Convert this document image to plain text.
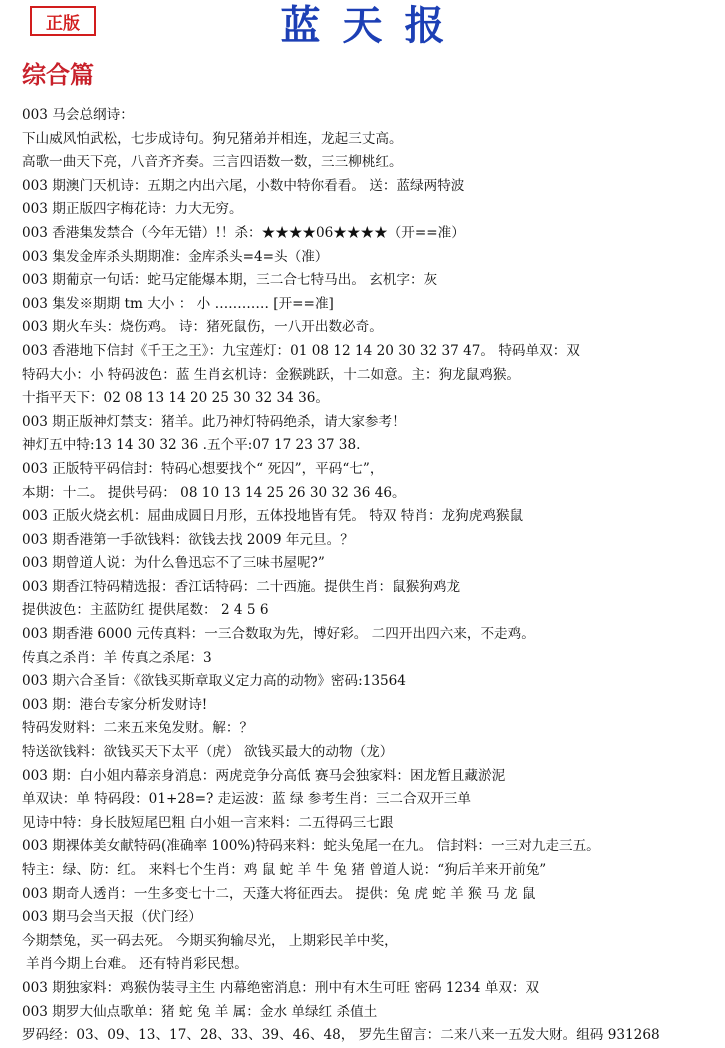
正版	蓝天报
综合篇
003 马会总纲诗：
下山威风怕武松，七步成诗句。狗兄猪弟并相连，龙起三丈高。
高歌一曲天下亮，八音齐齐奏。三言四语数一数，三三柳桃红。
003 期澳门天机诗：五期之内出六尾，小数中特你看看。 送：蓝绿两特波
003 期正版四字梅花诗：力大无穷。
003 香港集发禁合（今年无错）!！杀：★★★★06★★★★（开==准）
003 集发金库杀头期期准：金库杀头=4=头（准）
003 期葡京一句话：蛇马定能爆本期，三二合七特马出。 玄机字：灰
003 集发※期期 tm 大小 ： 小 ………… [开==准]
003 期火车头：烧伤鸡。 诗：猪死鼠伤，一八开出数必奇。
003 香港地下信封《千王之王》：九宝莲灯：01 08 12 14 20 30 32 37 47。 特码单双：双
特码大小：小 特码波色：蓝 生肖玄机诗：金猴跳跃，十二如意。主：狗龙鼠鸡猴。
十指平天下：02 08 13 14 20 25 30 32 34 36。
003 期正版神灯禁支：猪羊。此乃神灯特码绝杀，请大家参考！
神灯五中特:13 14 30 32 36 .五个平:07 17 23 37 38.
003 正版特平码信封：特码心想要找个“ 死囚”，平码“七”，
本期：十二。 提供号码： 08 10 13 14 25 26 30 32 36 46。
003 正版火烧玄机：屈曲成圆日月形，五体投地皆有凭。 特双 特肖：龙狗虎鸡猴鼠
003 期香港第一手欲钱料：欲钱去找 2009 年元旦。？
003 期曾道人说：为什么鲁迅忘不了三味书屋呢?”
003 期香江特码精选报：香江话特码：二十西施。提供生肖：鼠猴狗鸡龙
提供波色：主蓝防红 提供尾数： 2 4 5 6
003 期香港 6000 元传真料：一三合数取为先，博好彩。 二四开出四六来，不走鸡。
传真之杀肖：羊 传真之杀尾：3
003 期六合圣旨：《欲钱买斯章取义定力高的动物》密码:13564
003 期：港台专家分析发财诗!
特码发财料：二来五来兔发财。解：？
特送欲钱料：欲钱买天下太平（虎） 欲钱买最大的动物（龙）
003 期：白小姐内幕亲身消息：两虎竞争分高低 赛马会独家料：困龙暂且藏淤泥
单双诀：单 特码段：01+28=? 走运波：蓝 绿 参考生肖：三二合双开三单
见诗中特：身长肢短尾巴粗 白小姐一言来料：二五得码三七跟
003 期裸体美女献特码(准确率 100%)特码来料：蛇头兔尾一在九。 信封料：一三对九走三五。
特主：绿、防：红。 来料七个生肖：鸡 鼠 蛇 羊 牛 兔 猪 曾道人说：“狗后羊来开前兔”
003 期奇人透肖：一生多变七十二，天蓬大将征西去。 提供：兔 虎 蛇 羊 猴 马 龙 鼠
003 期马会当天报（伏门经）
今期禁兔，买一码去死。 今期买狗输尽光， 上期彩民羊中奖，
羊肖今期上台难。 还有特肖彩民想。
003 期独家料：鸡猴伪装寻主生 内幕绝密消息：刑中有木生可旺 密码 1234 单双：双
003 期罗大仙点歌单：猪 蛇 兔 羊 属：金水 单绿红 杀值土
罗码经：03、09、13、17、28、33、39、46、48， 罗先生留言：二来八来一五发大财。组码 931268
